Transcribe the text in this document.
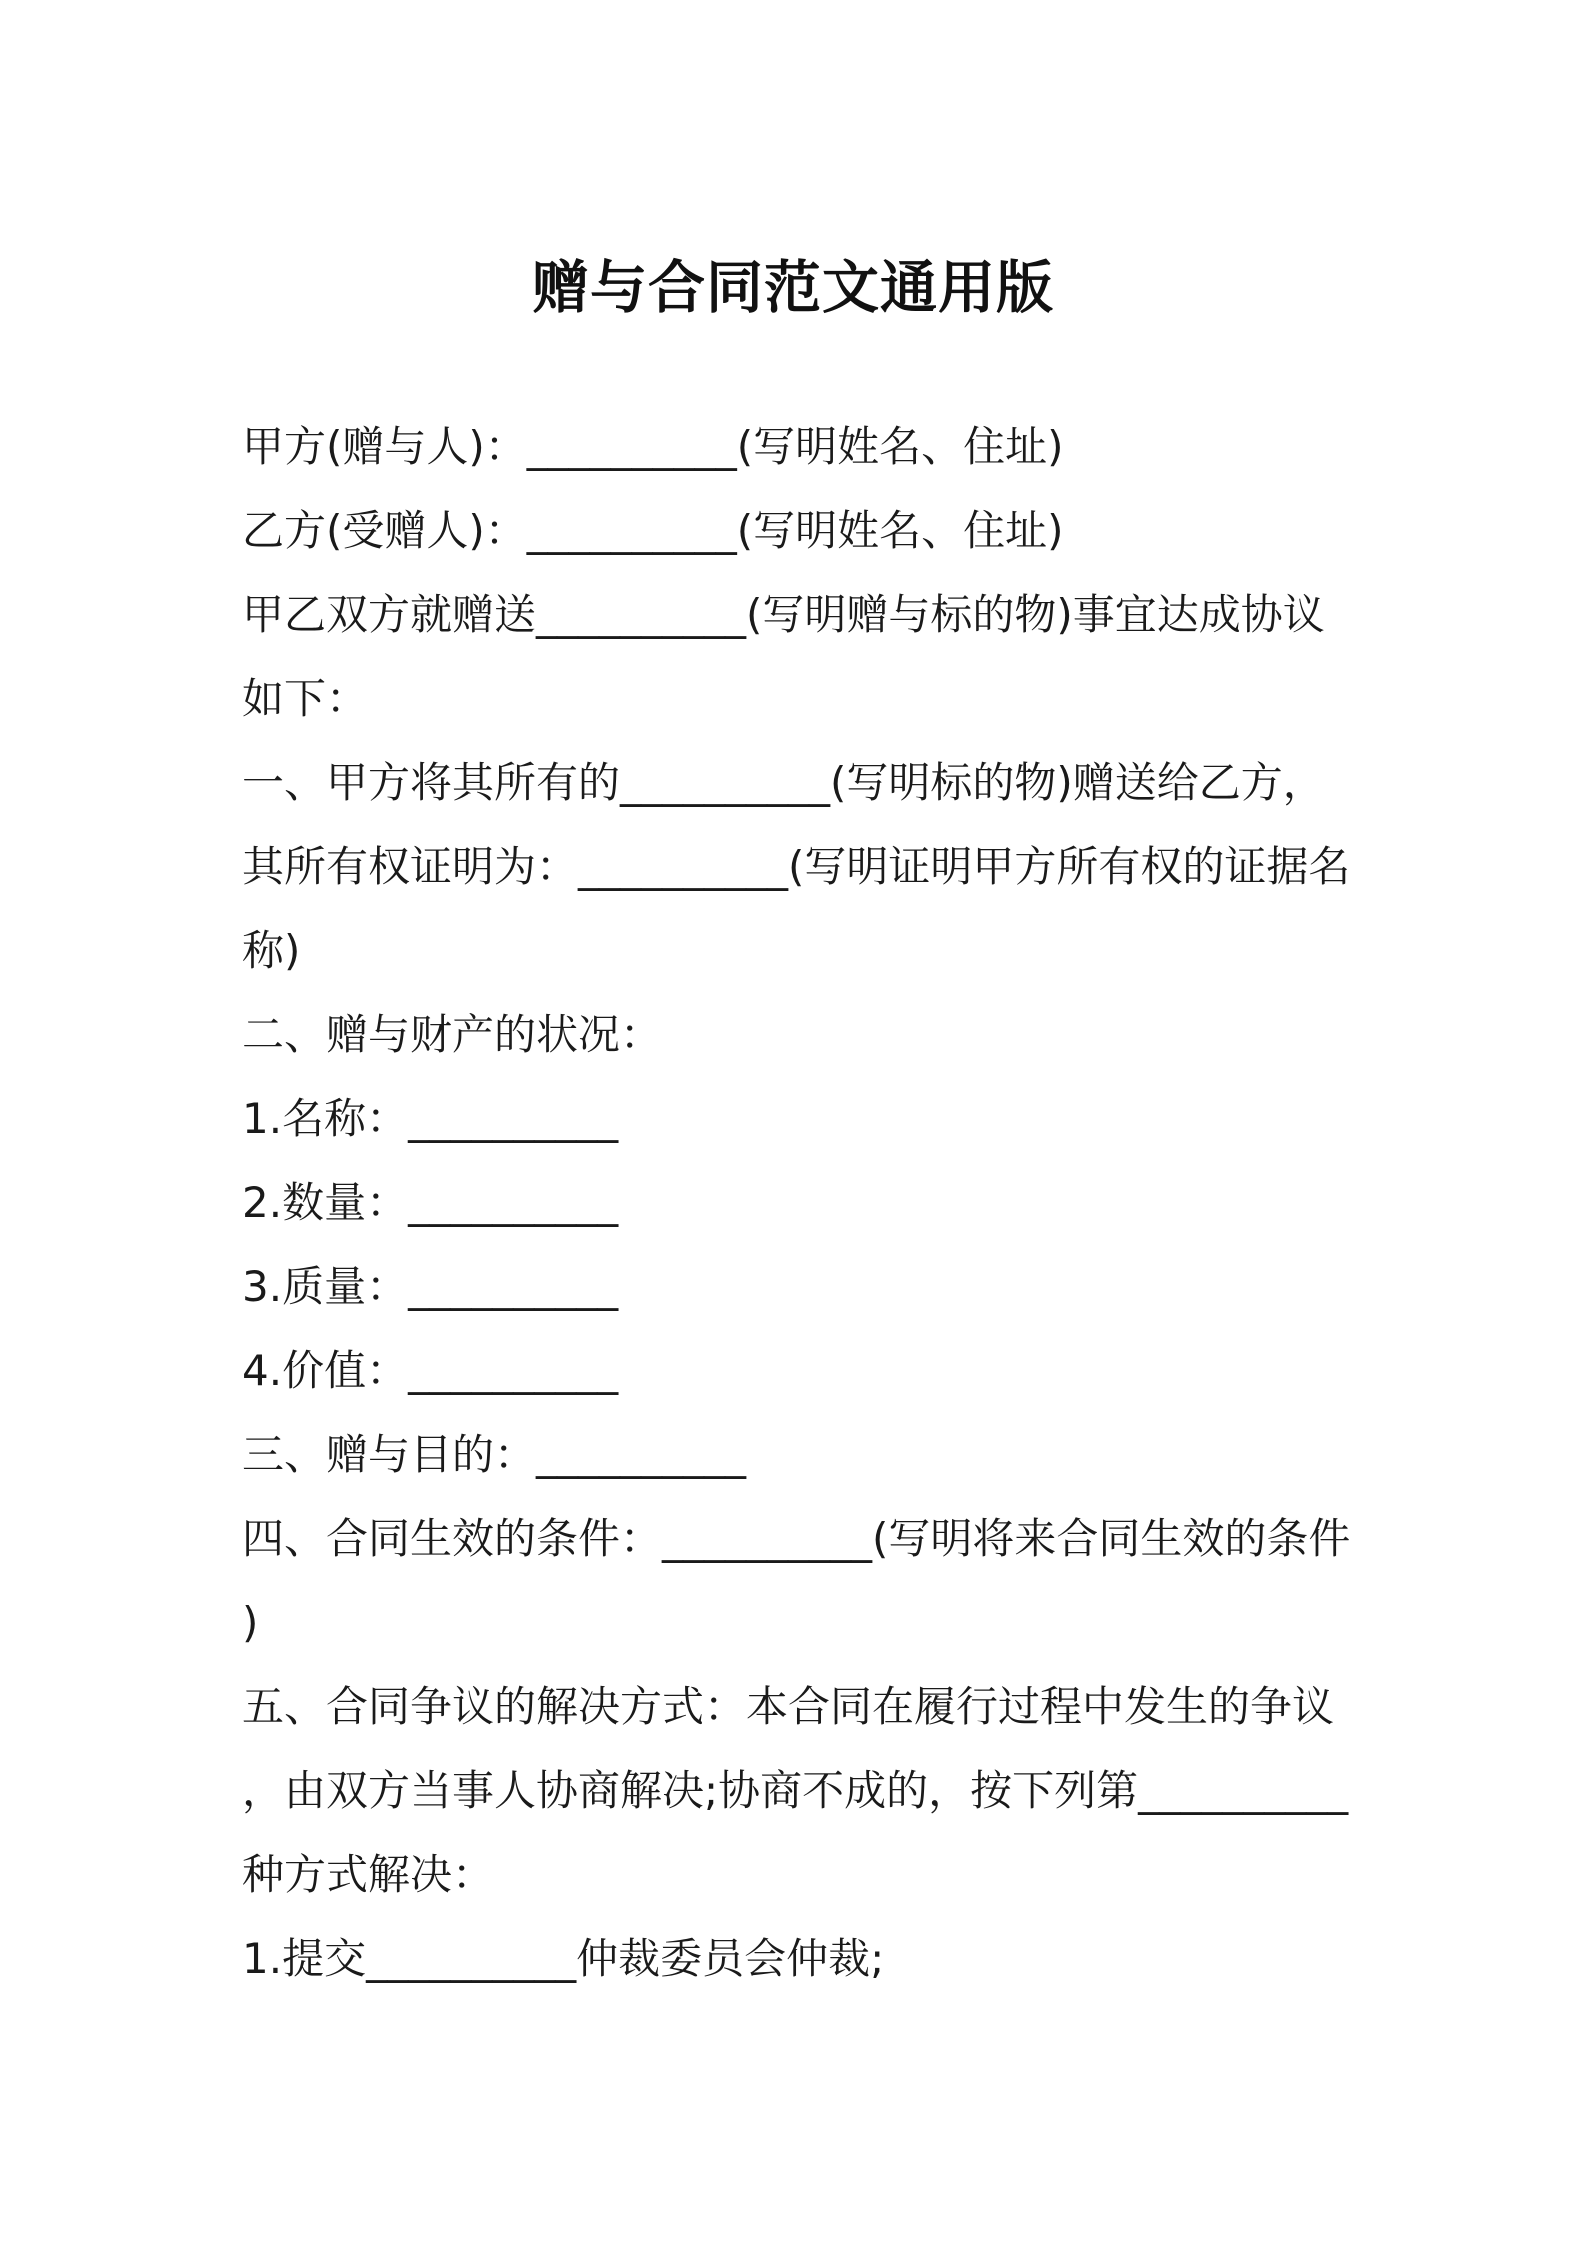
赠与合同范文通用版
甲方(赠与人)：__________(写明姓名、住址)
乙方(受赠人)：__________(写明姓名、住址)
甲乙双方就赠送__________(写明赠与标的物)事宜达成协议
如下：
一、甲方将其所有的__________(写明标的物)赠送给乙方，
其所有权证明为：__________(写明证明甲方所有权的证据名
称)
二、赠与财产的状况：
1.名称：__________
2.数量：__________
3.质量：__________
4.价值：__________
三、赠与目的：__________
四、合同生效的条件：__________(写明将来合同生效的条件
)
五、合同争议的解决方式：本合同在履行过程中发生的争议
，由双方当事人协商解决;协商不成的，按下列第__________
种方式解决：
1.提交__________仲裁委员会仲裁;
